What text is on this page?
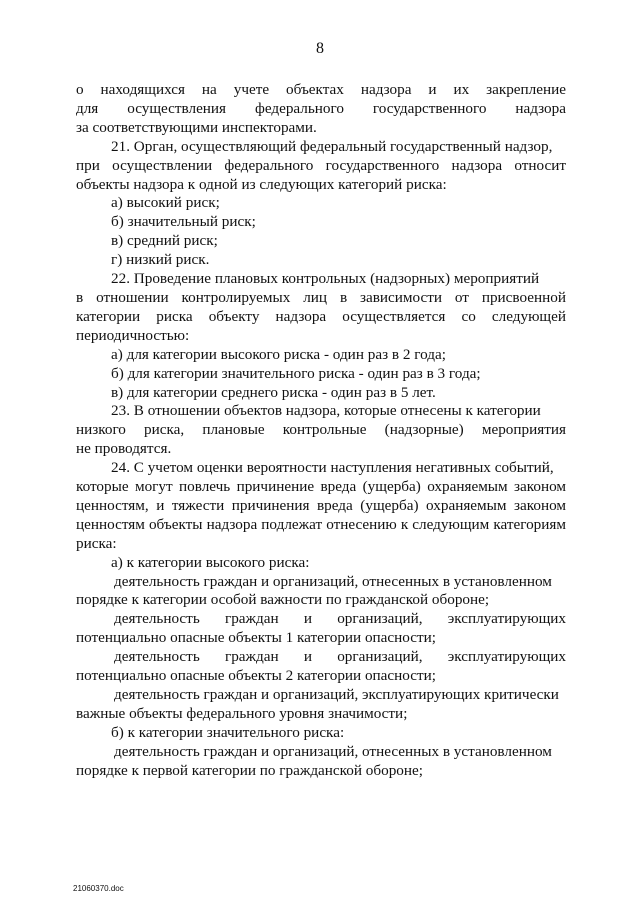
8
о находящихся на учете объектах надзора и их закрепление
для осуществления федерального государственного надзора
за соответствующими инспекторами.
21. Орган, осуществляющий федеральный государственный надзор,
при осуществлении федерального государственного надзора относит
объекты надзора к одной из следующих категорий риска:
а) высокий риск;
б) значительный риск;
в) средний риск;
г) низкий риск.
22. Проведение плановых контрольных (надзорных) мероприятий
в отношении контролируемых лиц в зависимости от присвоенной
категории риска объекту надзора осуществляется со следующей
периодичностью:
а) для категории высокого риска - один раз в 2 года;
б) для категории значительного риска - один раз в 3 года;
в) для категории среднего риска - один раз в 5 лет.
23. В отношении объектов надзора, которые отнесены к категории
низкого риска, плановые контрольные (надзорные) мероприятия
не проводятся.
24. С учетом оценки вероятности наступления негативных событий,
которые могут повлечь причинение вреда (ущерба) охраняемым законом
ценностям, и тяжести причинения вреда (ущерба) охраняемым законом
ценностям объекты надзора подлежат отнесению к следующим категориям
риска:
а) к категории высокого риска:
деятельность граждан и организаций, отнесенных в установленном
порядке к категории особой важности по гражданской обороне;
деятельность граждан и организаций, эксплуатирующих
потенциально опасные объекты 1 категории опасности;
деятельность граждан и организаций, эксплуатирующих
потенциально опасные объекты 2 категории опасности;
деятельность граждан и организаций, эксплуатирующих критически
важные объекты федерального уровня значимости;
б) к категории значительного риска:
деятельность граждан и организаций, отнесенных в установленном
порядке к первой категории по гражданской обороне;
21060370.doc
